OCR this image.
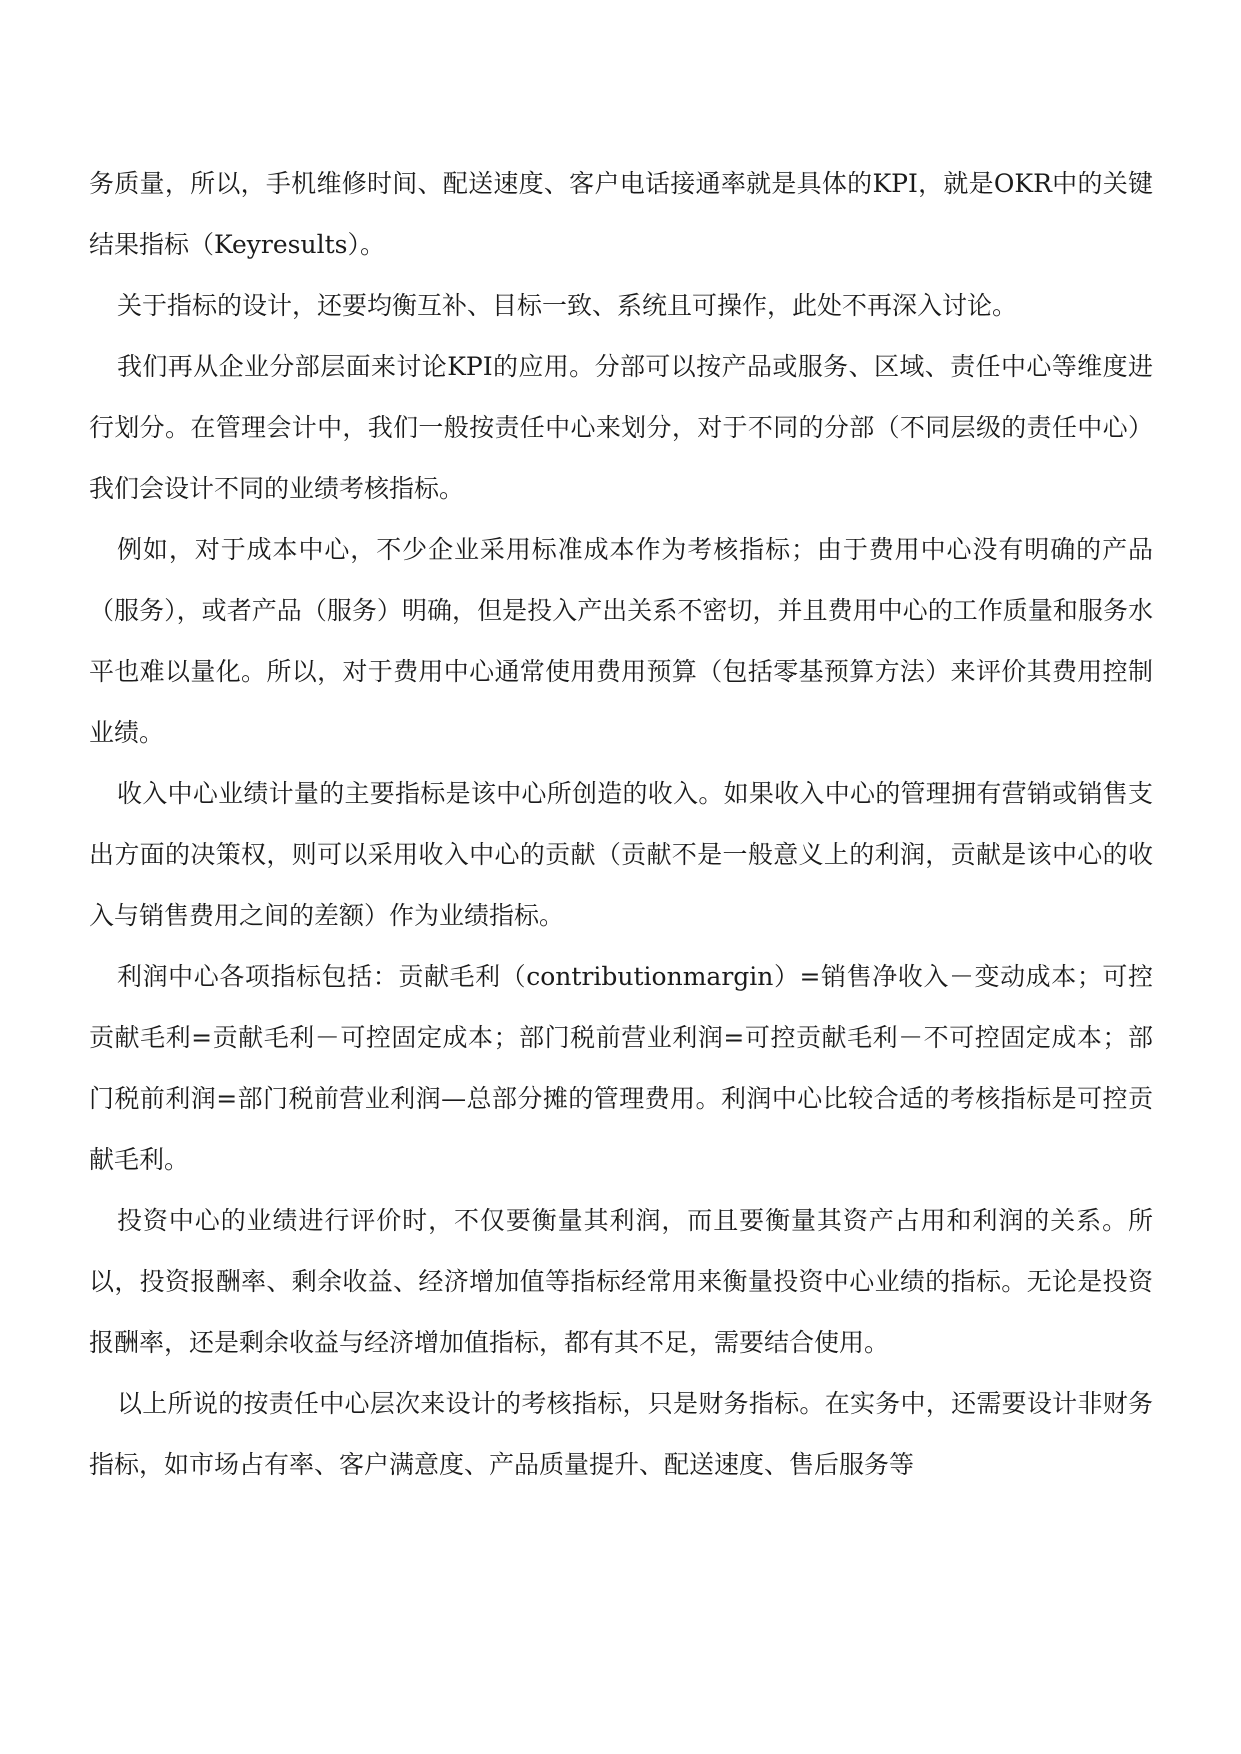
务质量，所以，手机维修时间、配送速度、客户电话接通率就是具体的KPI，就是OKR中的关键结果指标（Keyresults）。

关于指标的设计，还要均衡互补、目标一致、系统且可操作，此处不再深入讨论。

我们再从企业分部层面来讨论KPI的应用。分部可以按产品或服务、区域、责任中心等维度进行划分。在管理会计中，我们一般按责任中心来划分，对于不同的分部（不同层级的责任中心）我们会设计不同的业绩考核指标。

例如，对于成本中心，不少企业采用标准成本作为考核指标；由于费用中心没有明确的产品（服务），或者产品（服务）明确，但是投入产出关系不密切，并且费用中心的工作质量和服务水平也难以量化。所以，对于费用中心通常使用费用预算（包括零基预算方法）来评价其费用控制业绩。

收入中心业绩计量的主要指标是该中心所创造的收入。如果收入中心的管理拥有营销或销售支出方面的决策权，则可以采用收入中心的贡献（贡献不是一般意义上的利润，贡献是该中心的收入与销售费用之间的差额）作为业绩指标。

利润中心各项指标包括：贡献毛利（contributionmargin）=销售净收入－变动成本；可控贡献毛利=贡献毛利－可控固定成本；部门税前营业利润=可控贡献毛利－不可控固定成本；部门税前利润=部门税前营业利润—总部分摊的管理费用。利润中心比较合适的考核指标是可控贡献毛利。

投资中心的业绩进行评价时，不仅要衡量其利润，而且要衡量其资产占用和利润的关系。所以，投资报酬率、剩余收益、经济增加值等指标经常用来衡量投资中心业绩的指标。无论是投资报酬率，还是剩余收益与经济增加值指标，都有其不足，需要结合使用。

以上所说的按责任中心层次来设计的考核指标，只是财务指标。在实务中，还需要设计非财务指标，如市场占有率、客户满意度、产品质量提升、配送速度、售后服务等
